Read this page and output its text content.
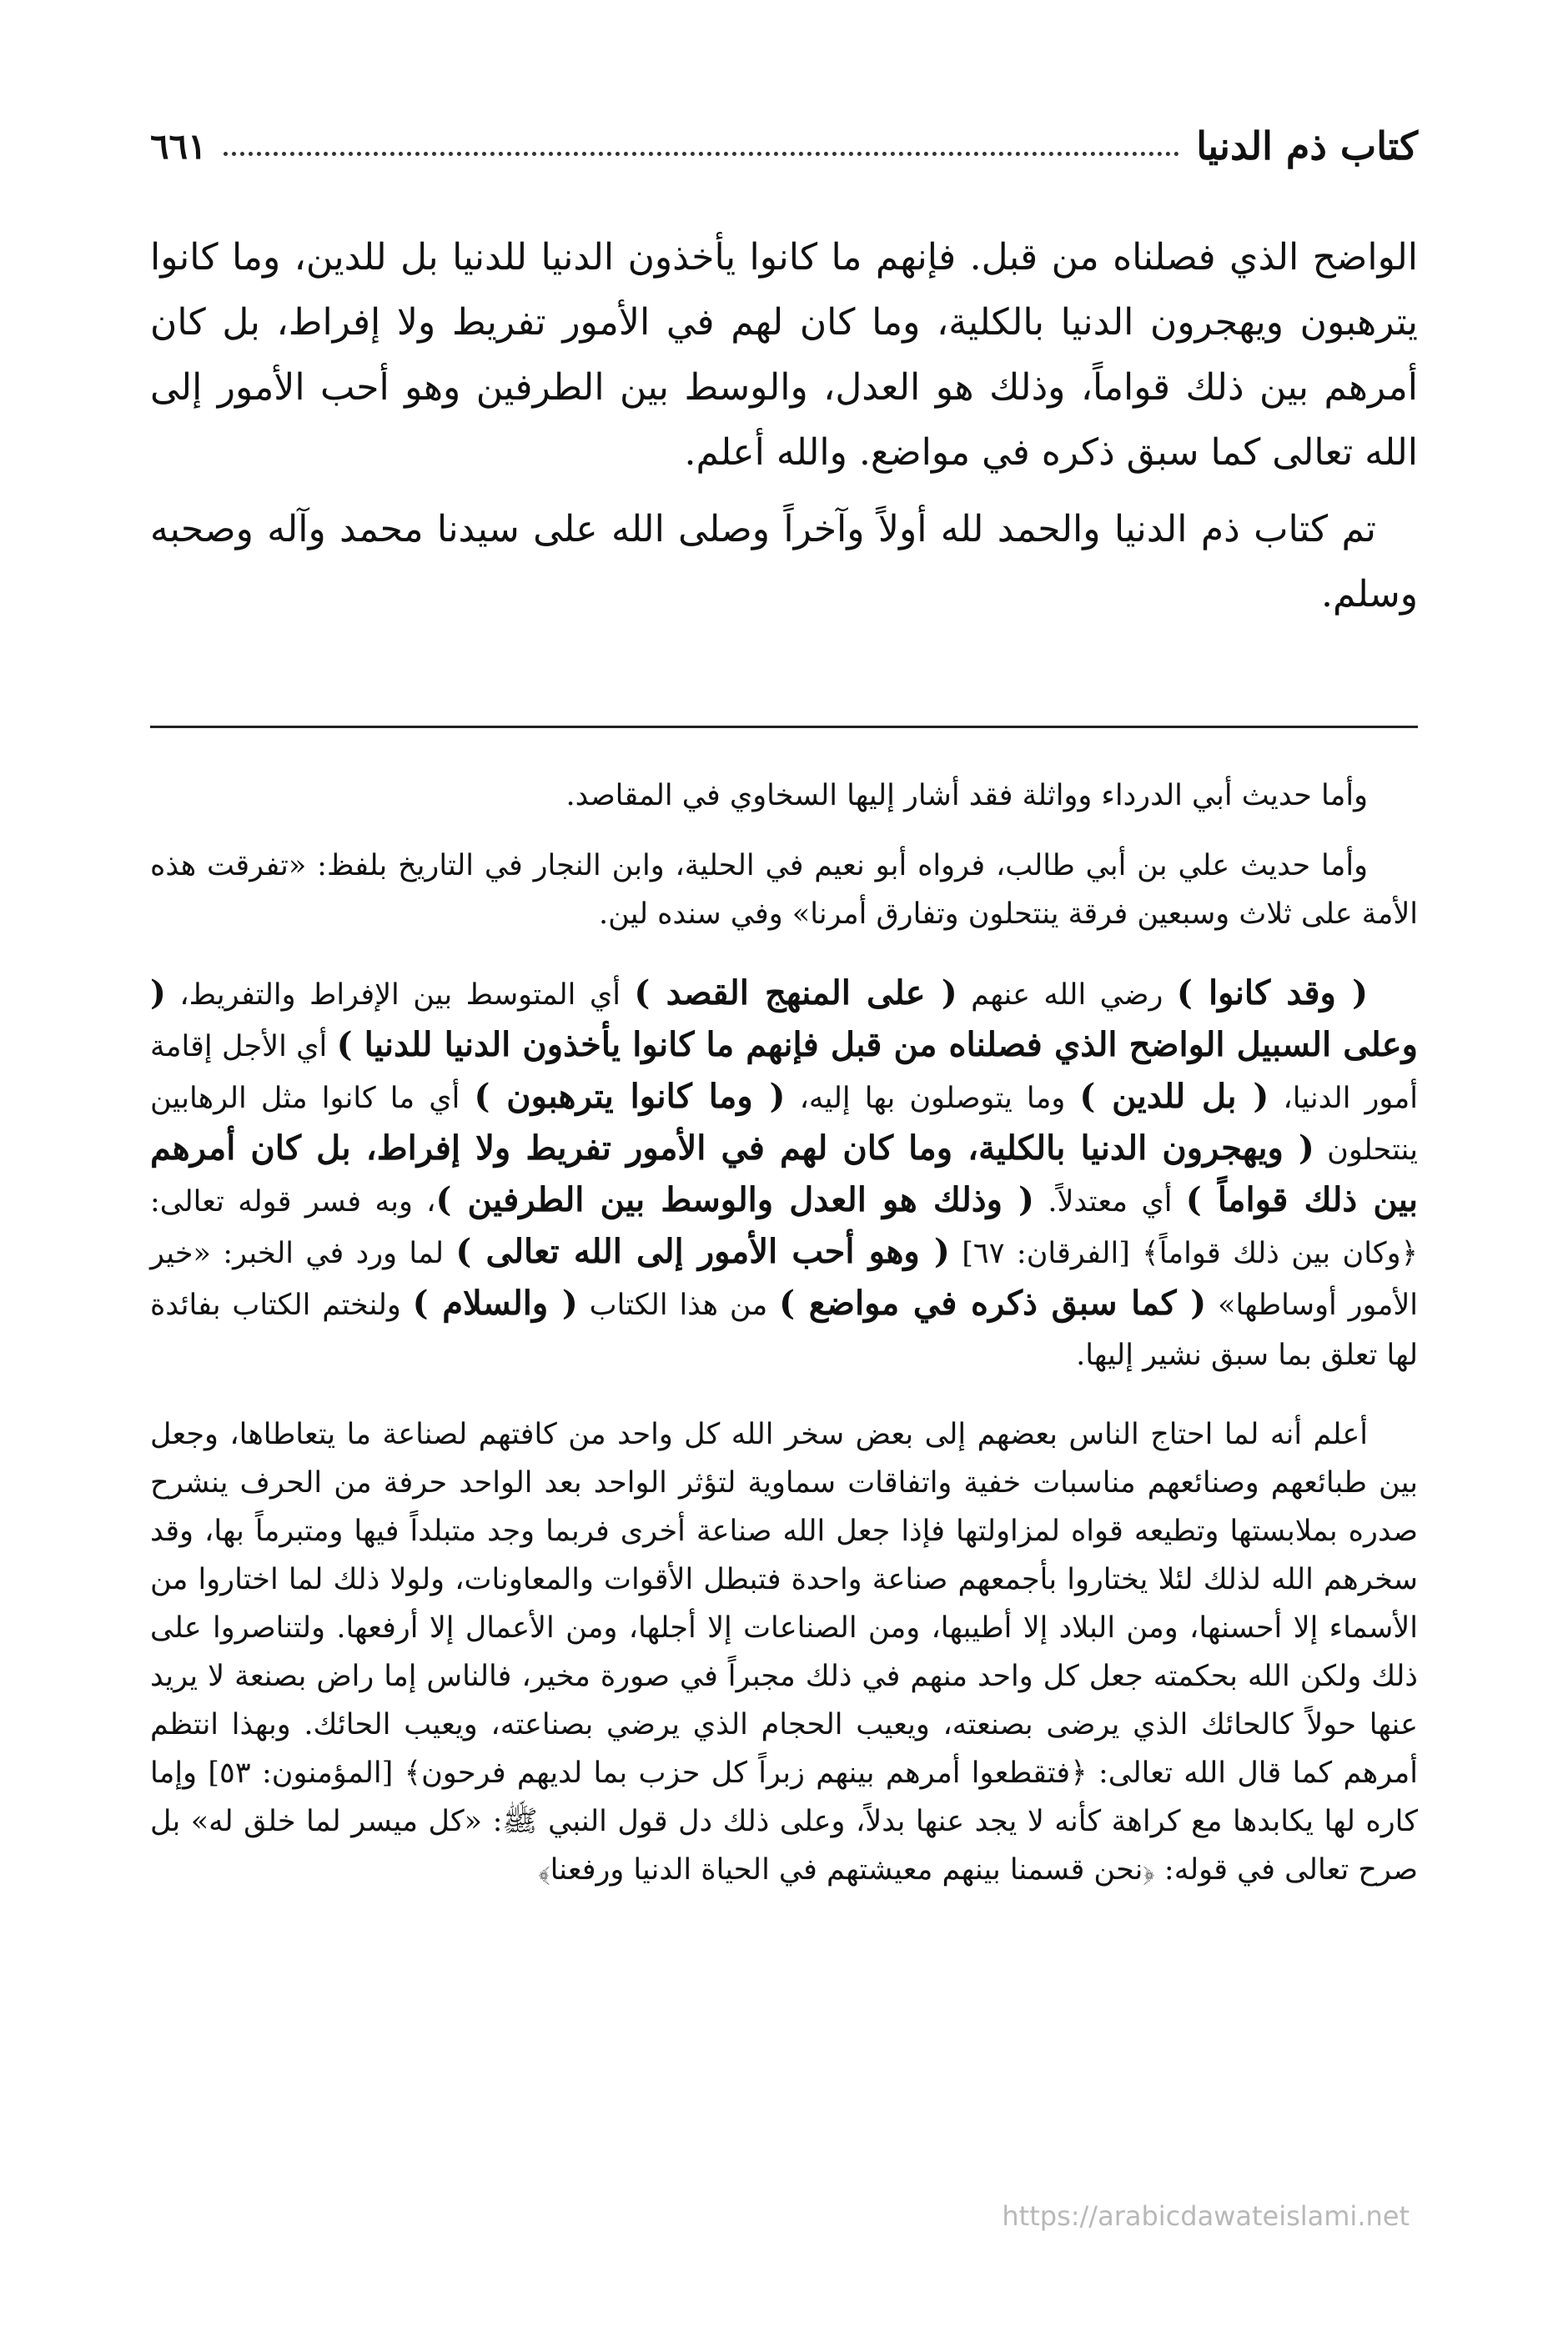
كتاب ذم الدنيا
٦٦١

الواضح الذي فصلناه من قبل. فإنهم ما كانوا يأخذون الدنيا للدنيا بل للدين، وما كانوا يترهبون ويهجرون الدنيا بالكلية، وما كان لهم في الأمور تفريط ولا إفراط، بل كان أمرهم بين ذلك قواماً، وذلك هو العدل، والوسط بين الطرفين وهو أحب الأمور إلى الله تعالى كما سبق ذكره في مواضع. والله أعلم.

تم كتاب ذم الدنيا والحمد لله أولاً وآخراً وصلى الله على سيدنا محمد وآله وصحبه وسلم.

وأما حديث أبي الدرداء وواثلة فقد أشار إليها السخاوي في المقاصد.

وأما حديث علي بن أبي طالب، فرواه أبو نعيم في الحلية، وابن النجار في التاريخ بلفظ: «تفرقت هذه الأمة على ثلاث وسبعين فرقة ينتحلون وتفارق أمرنا» وفي سنده لين.

( وقد كانوا ) رضي الله عنهم ( على المنهج القصد ) أي المتوسط بين الإفراط والتفريط، ( وعلى السبيل الواضح الذي فصلناه من قبل فإنهم ما كانوا يأخذون الدنيا للدنيا ) أي الأجل إقامة أمور الدنيا، ( بل للدين ) وما يتوصلون بها إليه، ( وما كانوا يترهبون ) أي ما كانوا مثل الرهابين ينتحلون ( ويهجرون الدنيا بالكلية، وما كان لهم في الأمور تفريط ولا إفراط، بل كان أمرهم بين ذلك قواماً ) أي معتدلاً. ( وذلك هو العدل والوسط بين الطرفين )، وبه فسر قوله تعالى: ﴿وكان بين ذلك قواماً﴾ [الفرقان: ٦٧] ( وهو أحب الأمور إلى الله تعالى ) لما ورد في الخبر: «خير الأمور أوساطها» ( كما سبق ذكره في مواضع ) من هذا الكتاب ( والسلام ) ولنختم الكتاب بفائدة لها تعلق بما سبق نشير إليها.

أعلم أنه لما احتاج الناس بعضهم إلى بعض سخر الله كل واحد من كافتهم لصناعة ما يتعاطاها، وجعل بين طبائعهم وصنائعهم مناسبات خفية واتفاقات سماوية لتؤثر الواحد بعد الواحد حرفة من الحرف ينشرح صدره بملابستها وتطيعه قواه لمزاولتها فإذا جعل الله صناعة أخرى فربما وجد متبلداً فيها ومتبرماً بها، وقد سخرهم الله لذلك لئلا يختاروا بأجمعهم صناعة واحدة فتبطل الأقوات والمعاونات، ولولا ذلك لما اختاروا من الأسماء إلا أحسنها، ومن البلاد إلا أطيبها، ومن الصناعات إلا أجلها، ومن الأعمال إلا أرفعها. ولتناصروا على ذلك ولكن الله بحكمته جعل كل واحد منهم في ذلك مجبراً في صورة مخير، فالناس إما راض بصنعة لا يريد عنها حولاً كالحائك الذي يرضى بصنعته، ويعيب الحجام الذي يرضي بصناعته، ويعيب الحائك. وبهذا انتظم أمرهم كما قال الله تعالى: ﴿فتقطعوا أمرهم بينهم زبراً كل حزب بما لديهم فرحون﴾ [المؤمنون: ٥٣] وإما كاره لها يكابدها مع كراهة كأنه لا يجد عنها بدلاً، وعلى ذلك دل قول النبي ﷺ: «كل ميسر لما خلق له» بل صرح تعالى في قوله: ﴿نحن قسمنا بينهم معيشتهم في الحياة الدنيا ورفعنا﴾

https://arabicdawateislami.net
